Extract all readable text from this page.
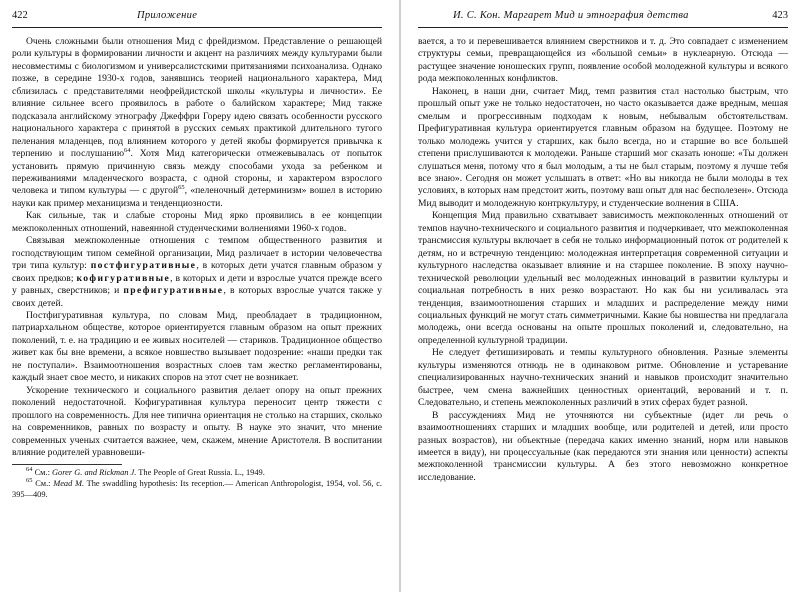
422	Приложение

Очень сложными были отношения Мид с фрейдизмом. Представление о решающей роли культуры в формировании личности и акцент на различиях между культурами были несовместимы с биологизмом и универсалистскими притязаниями психоанализа. Однако позже, в середине 1930-х годов, занявшись теорией национального характера, Мид сблизилась с представителями неофрейдистской школы «культуры и личности». Ее влияние сильнее всего проявилось в работе о балийском характере; Мид также подсказала английскому этнографу Джеффри Гореру идею связать особенности русского национального характера с принятой в русских семьях практикой длительного тугого пеленания младенцев, под влиянием которого у детей якобы формируется привычка к терпению и послушанию$^{64}$. Хотя Мид категорически отмежевывалась от попыток установить прямую причинную связь между способами ухода за ребенком и переживаниями младенческого возраста, с одной стороны, и характером взрослого человека и типом культуры — с другой$^{65}$, «пеленочный детерминизм» вошел в историю науки как пример механицизма и тенденциозности.

Как сильные, так и слабые стороны Мид ярко проявились в ее концепции межпоколенных отношений, навеянной студенческими волнениями 1960-х годов.

Связывая межпоколенные отношения с темпом общественного развития и господствующим типом семейной организации, Мид различает в истории человечества три типа культур: постфигуративные, в которых дети учатся главным образом у своих предков; кофигуративные, в которых и дети и взрослые учатся прежде всего у равных, сверстников; и префигуративные, в которых взрослые учатся также у своих детей.

Постфигуративная культура, по словам Мид, преобладает в традиционном, патриархальном обществе, которое ориентируется главным образом на опыт прежних поколений, т. е. на традицию и ее живых носителей — стариков. Традиционное общество живет как бы вне времени, а всякое новшество вызывает подозрение: «наши предки так не поступали». Взаимоотношения возрастных слоев там жестко регламентированы, каждый знает свое место, и никаких споров на этот счет не возникает.

Ускорение технического и социального развития делает опору на опыт прежних поколений недостаточной. Кофигуративная культура переносит центр тяжести с прошлого на современность. Для нее типична ориентация не столько на старших, сколько на современников, равных по возрасту и опыту. В науке это значит, что мнение современных ученых считается важнее, чем, скажем, мнение Аристотеля. В воспитании влияние родителей уравновеши-

$^{64}$ См.: Gorer G. and Rickman J. The People of Great Russia. L., 1949.

$^{65}$ См.: Mead M. The swaddling hypothesis: Its reception.— American Anthropologist, 1954, vol. 56, c. 395—409.

И. С. Кон. Маргарет Мид и этнография детства	423

вается, а то и перевешивается влиянием сверстников и т. д. Это совпадает с изменением структуры семьи, превращающейся из «большой семьи» в нуклеарную. Отсюда — растущее значение юношеских групп, появление особой молодежной культуры и всякого рода межпоколенных конфликтов.

Наконец, в наши дни, считает Мид, темп развития стал настолько быстрым, что прошлый опыт уже не только недостаточен, но часто оказывается даже вредным, мешая смелым и прогрессивным подходам к новым, небывалым обстоятельствам. Префигуративная культура ориентируется главным образом на будущее. Поэтому не только молодежь учится у старших, как было всегда, но и старшие во все большей степени прислушиваются к молодежи. Раньше старший мог сказать юноше: «Ты должен слушаться меня, потому что я был молодым, а ты не был старым, поэтому я лучше тебя все знаю». Сегодня он может услышать в ответ: «Но вы никогда не были молоды в тех условиях, в которых нам предстоит жить, поэтому ваш опыт для нас бесполезен». Отсюда Мид выводит и молодежную контркультуру, и студенческие волнения в США.

Концепция Мид правильно схватывает зависимость межпоколенных отношений от темпов научно-технического и социального развития и подчеркивает, что межпоколенная трансмиссия культуры включает в себя не только информационный поток от родителей к детям, но и встречную тенденцию: молодежная интерпретация современной ситуации и культурного наследства оказывает влияние и на старшее поколение. В эпоху научно-технической революции удельный вес молодежных инноваций в развитии культуры и социальная потребность в них резко возрастают. Но как бы ни усиливалась эта тенденция, взаимоотношения старших и младших и распределение между ними социальных функций не могут стать симметричными. Какие бы новшества ни предлагала молодежь, они всегда основаны на опыте прошлых поколений и, следовательно, на определенной культурной традиции.

Не следует фетишизировать и темпы культурного обновления. Разные элементы культуры изменяются отнюдь не в одинаковом ритме. Обновление и устаревание специализированных научно-технических знаний и навыков происходит значительно быстрее, чем смена важнейших ценностных ориентаций, верований и т. п. Следовательно, и степень межпоколенных различий в этих сферах будет разной.

В рассуждениях Мид не уточняются ни субъектные (идет ли речь о взаимоотношениях старших и младших вообще, или родителей и детей, или просто разных возрастов), ни объектные (передача каких именно знаний, норм или навыков имеется в виду), ни процессуальные (как передаются эти знания или ценности) аспекты межпоколенной трансмиссии культуры. А без этого невозможно конкретное исследование.
